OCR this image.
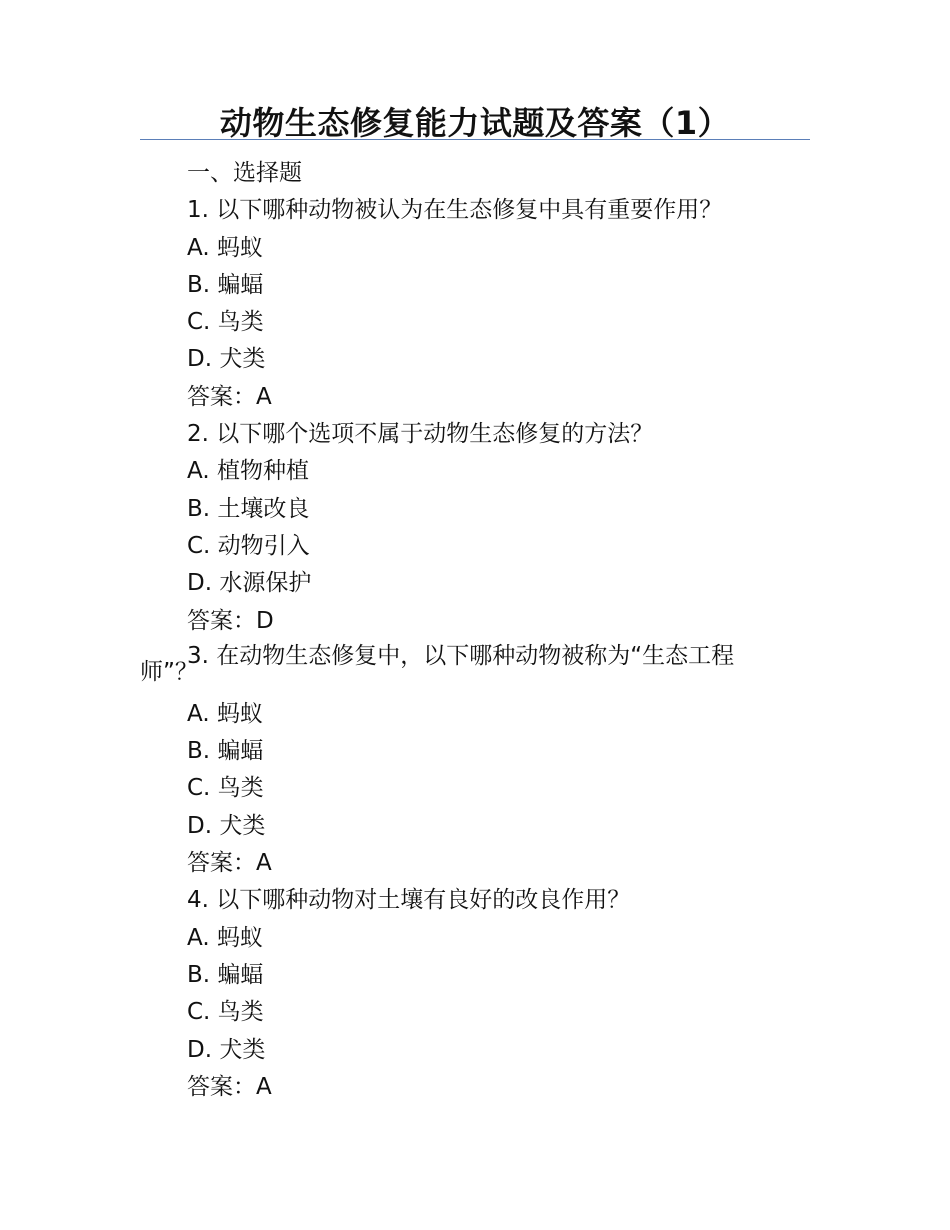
动物生态修复能力试题及答案（1）
一、选择题
1. 以下哪种动物被认为在生态修复中具有重要作用？
A. 蚂蚁
B. 蝙蝠
C. 鸟类
D. 犬类
答案：A
2. 以下哪个选项不属于动物生态修复的方法？
A. 植物种植
B. 土壤改良
C. 动物引入
D. 水源保护
答案：D
3. 在动物生态修复中，以下哪种动物被称为“生态工程
师”？
A. 蚂蚁
B. 蝙蝠
C. 鸟类
D. 犬类
答案：A
4. 以下哪种动物对土壤有良好的改良作用？
A. 蚂蚁
B. 蝙蝠
C. 鸟类
D. 犬类
答案：A
